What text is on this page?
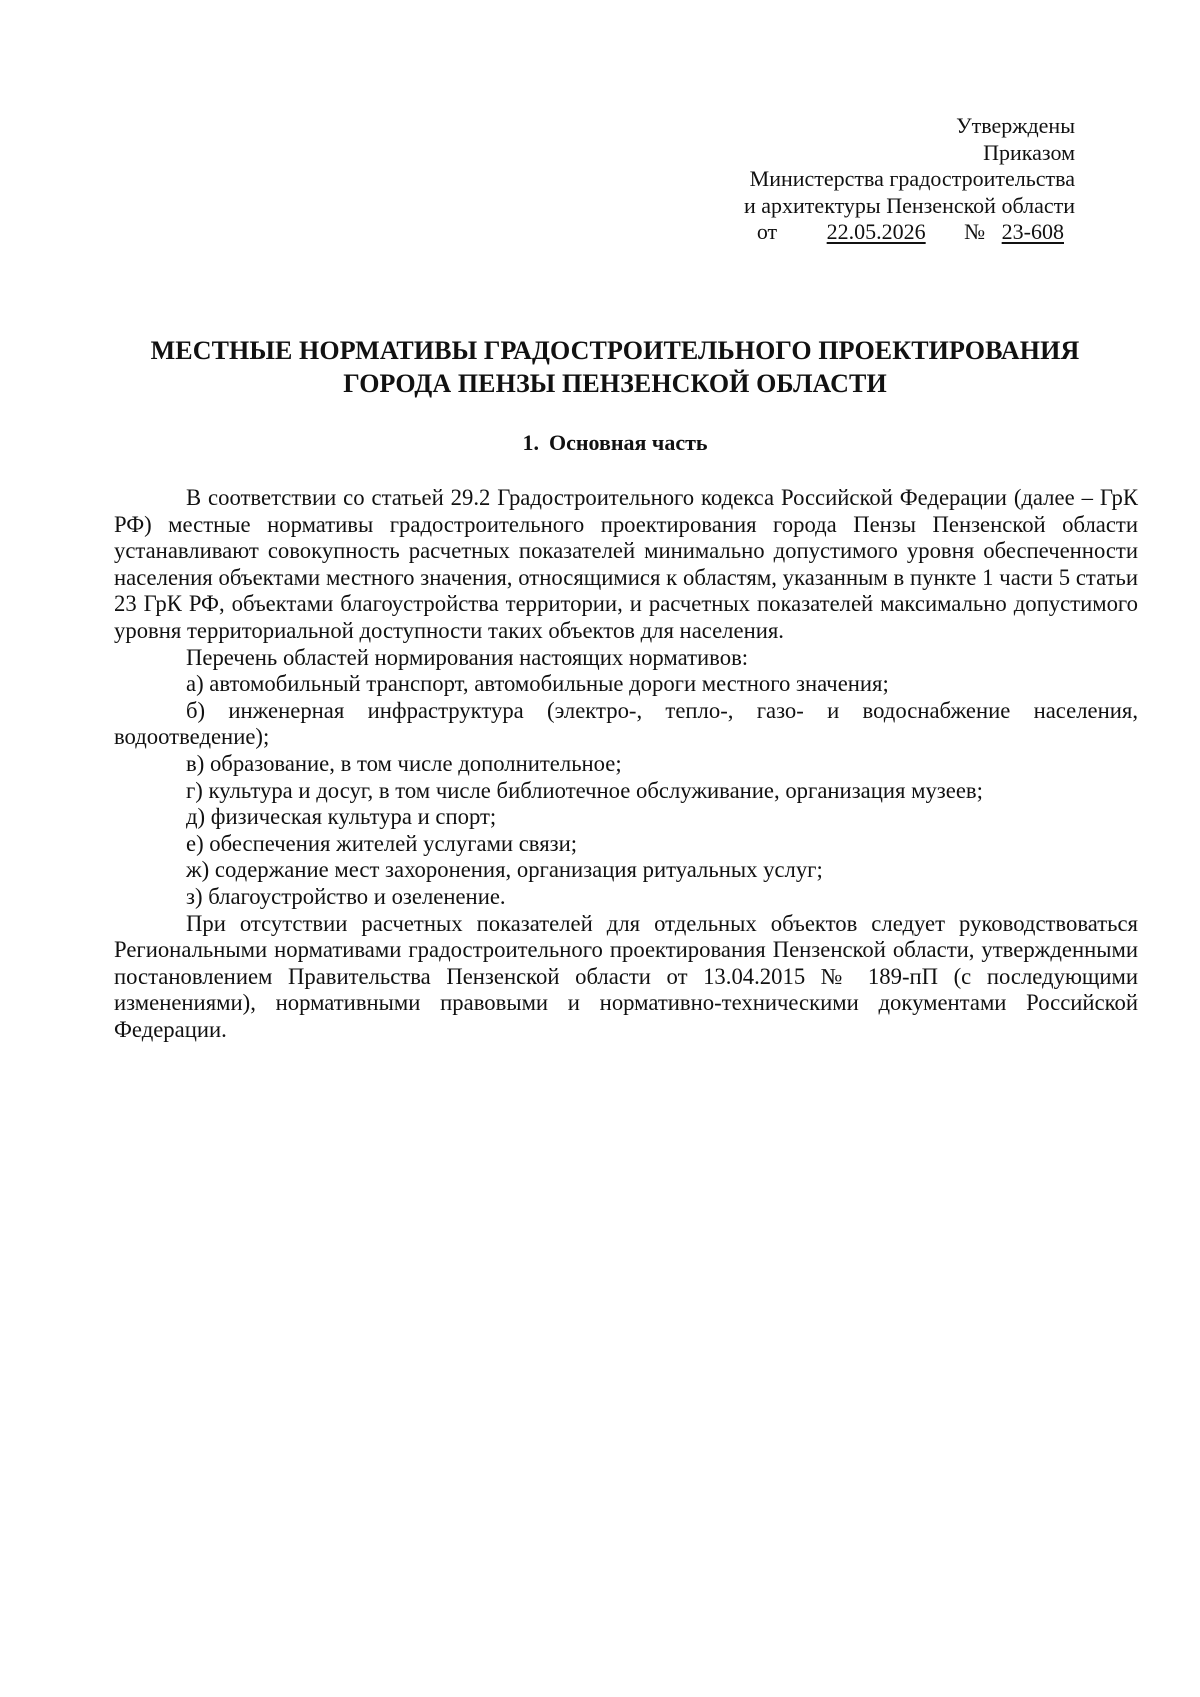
Утверждены
Приказом
Министерства градостроительства
и архитектуры Пензенской области
от 22.05.2026 № 23-608
МЕСТНЫЕ НОРМАТИВЫ ГРАДОСТРОИТЕЛЬНОГО ПРОЕКТИРОВАНИЯ
ГОРОДА ПЕНЗЫ ПЕНЗЕНСКОЙ ОБЛАСТИ
1. Основная часть

В соответствии со статьей 29.2 Градостроительного кодекса Российской Федерации (далее – ГрК РФ) местные нормативы градостроительного проектирования города Пензы Пензенской области устанавливают совокупность расчетных показателей минимально допустимого уровня обеспеченности населения объектами местного значения, относящимися к областям, указанным в пункте 1 части 5 статьи 23 ГрК РФ, объектами благоустройства территории, и расчетных показателей максимально допустимого уровня территориальной доступности таких объектов для населения.

Перечень областей нормирования настоящих нормативов:

а) автомобильный транспорт, автомобильные дороги местного значения;

б) инженерная инфраструктура (электро-, тепло-, газо- и водоснабжение населения, водоотведение);

в) образование, в том числе дополнительное;

г) культура и досуг, в том числе библиотечное обслуживание, организация музеев;

д) физическая культура и спорт;

е) обеспечения жителей услугами связи;

ж) содержание мест захоронения, организация ритуальных услуг;

з) благоустройство и озеленение.

При отсутствии расчетных показателей для отдельных объектов следует руководствоваться Региональными нормативами градостроительного проектирования Пензенской области, утвержденными постановлением Правительства Пензенской области от 13.04.2015 № 189-пП (с последующими изменениями), нормативными правовыми и нормативно-техническими документами Российской Федерации.
